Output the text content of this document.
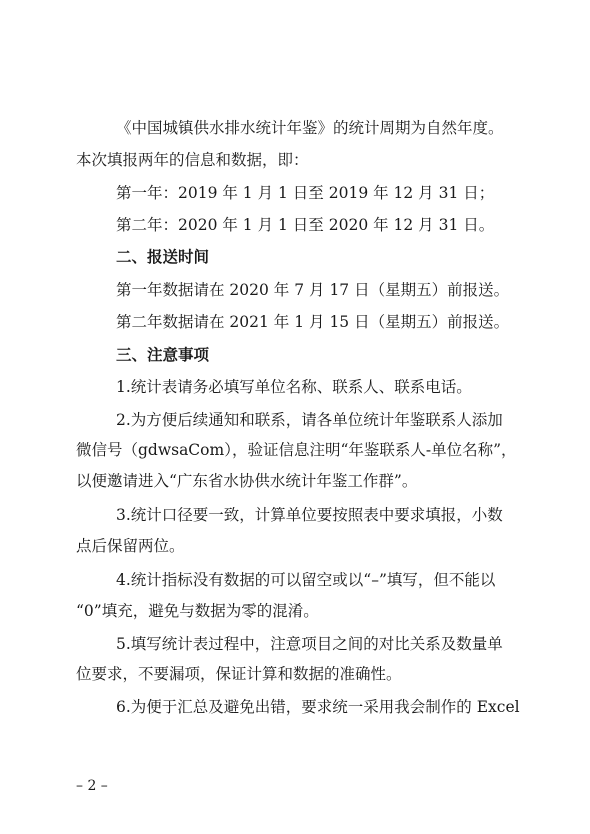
《中国城镇供水排水统计年鉴》的统计周期为自然年度。
本次填报两年的信息和数据，即：
第一年：2019 年 1 月 1 日至 2019 年 12 月 31 日；
第二年：2020 年 1 月 1 日至 2020 年 12 月 31 日。
二、报送时间
第一年数据请在 2020 年 7 月 17 日（星期五）前报送。
第二年数据请在 2021 年 1 月 15 日（星期五）前报送。
三、注意事项
1.统计表请务必填写单位名称、联系人、联系电话。
2.为方便后续通知和联系，请各单位统计年鉴联系人添加
微信号（gdwsaCom），验证信息注明“年鉴联系人-单位名称”，
以便邀请进入“广东省水协供水统计年鉴工作群”。
3.统计口径要一致，计算单位要按照表中要求填报，小数
点后保留两位。
4.统计指标没有数据的可以留空或以“–”填写，但不能以
“0”填充，避免与数据为零的混淆。
5.填写统计表过程中，注意项目之间的对比关系及数量单
位要求，不要漏项，保证计算和数据的准确性。
6.为便于汇总及避免出错，要求统一采用我会制作的 Excel
– 2 –
